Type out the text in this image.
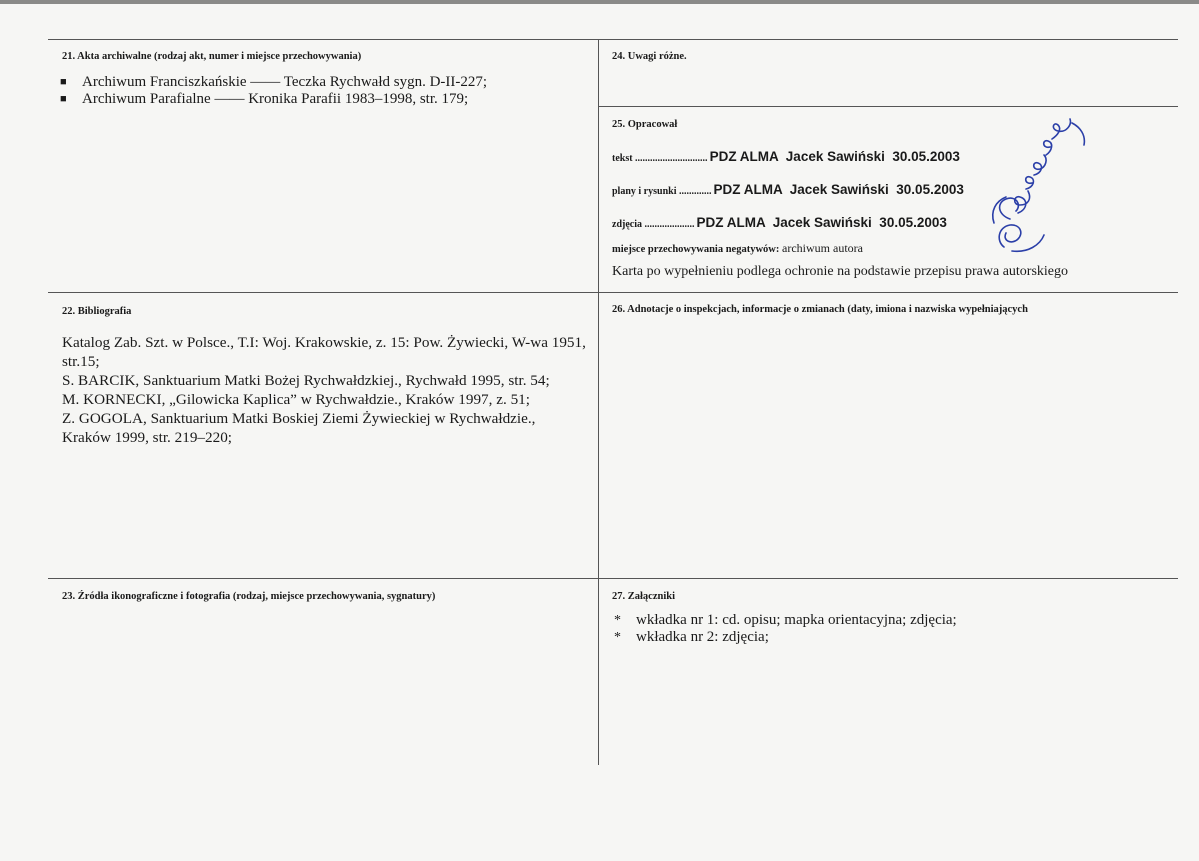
21. Akta archiwalne (rodzaj akt, numer i miejsce przechowywania)
■ Archiwum Franciszkańskie —— Teczka Rychwałd sygn. D-II-227;
■ Archiwum Parafialne —— Kronika Parafii 1983–1998, str. 179;
24. Uwagi różne.
25. Opracował
tekst ............................. PDZ ALMA  Jacek Sawiński  30.05.2003
plany i rysunki ............. PDZ ALMA  Jacek Sawiński  30.05.2003
zdjęcia .................... PDZ ALMA  Jacek Sawiński  30.05.2003
miejsce przechowywania negatywów: archiwum autora
Karta po wypełnieniu podlega ochronie na podstawie przepisu prawa autorskiego
22. Bibliografia

Katalog Zab. Szt. w Polsce., T.I: Woj. Krakowskie, z. 15: Pow. Żywiecki, W-wa 1951, str.15;

S. BARCIK, Sanktuarium Matki Bożej Rychwałdzkiej., Rychwałd 1995, str. 54;

M. KORNECKI, „Gilowicka Kaplica” w Rychwałdzie., Kraków 1997, z. 51;

Z. GOGOLA, Sanktuarium Matki Boskiej Ziemi Żywieckiej w Rychwałdzie., Kraków 1999, str. 219–220;

26. Adnotacje o inspekcjach, informacje o zmianach (daty, imiona i nazwiska wypełniających
23. Źródła ikonograficzne i fotografia (rodzaj, miejsce przechowywania, sygnatury)	27. Załączniki
* wkładka nr 1: cd. opisu; mapka orientacyjna; zdjęcia;
* wkładka nr 2: zdjęcia;
